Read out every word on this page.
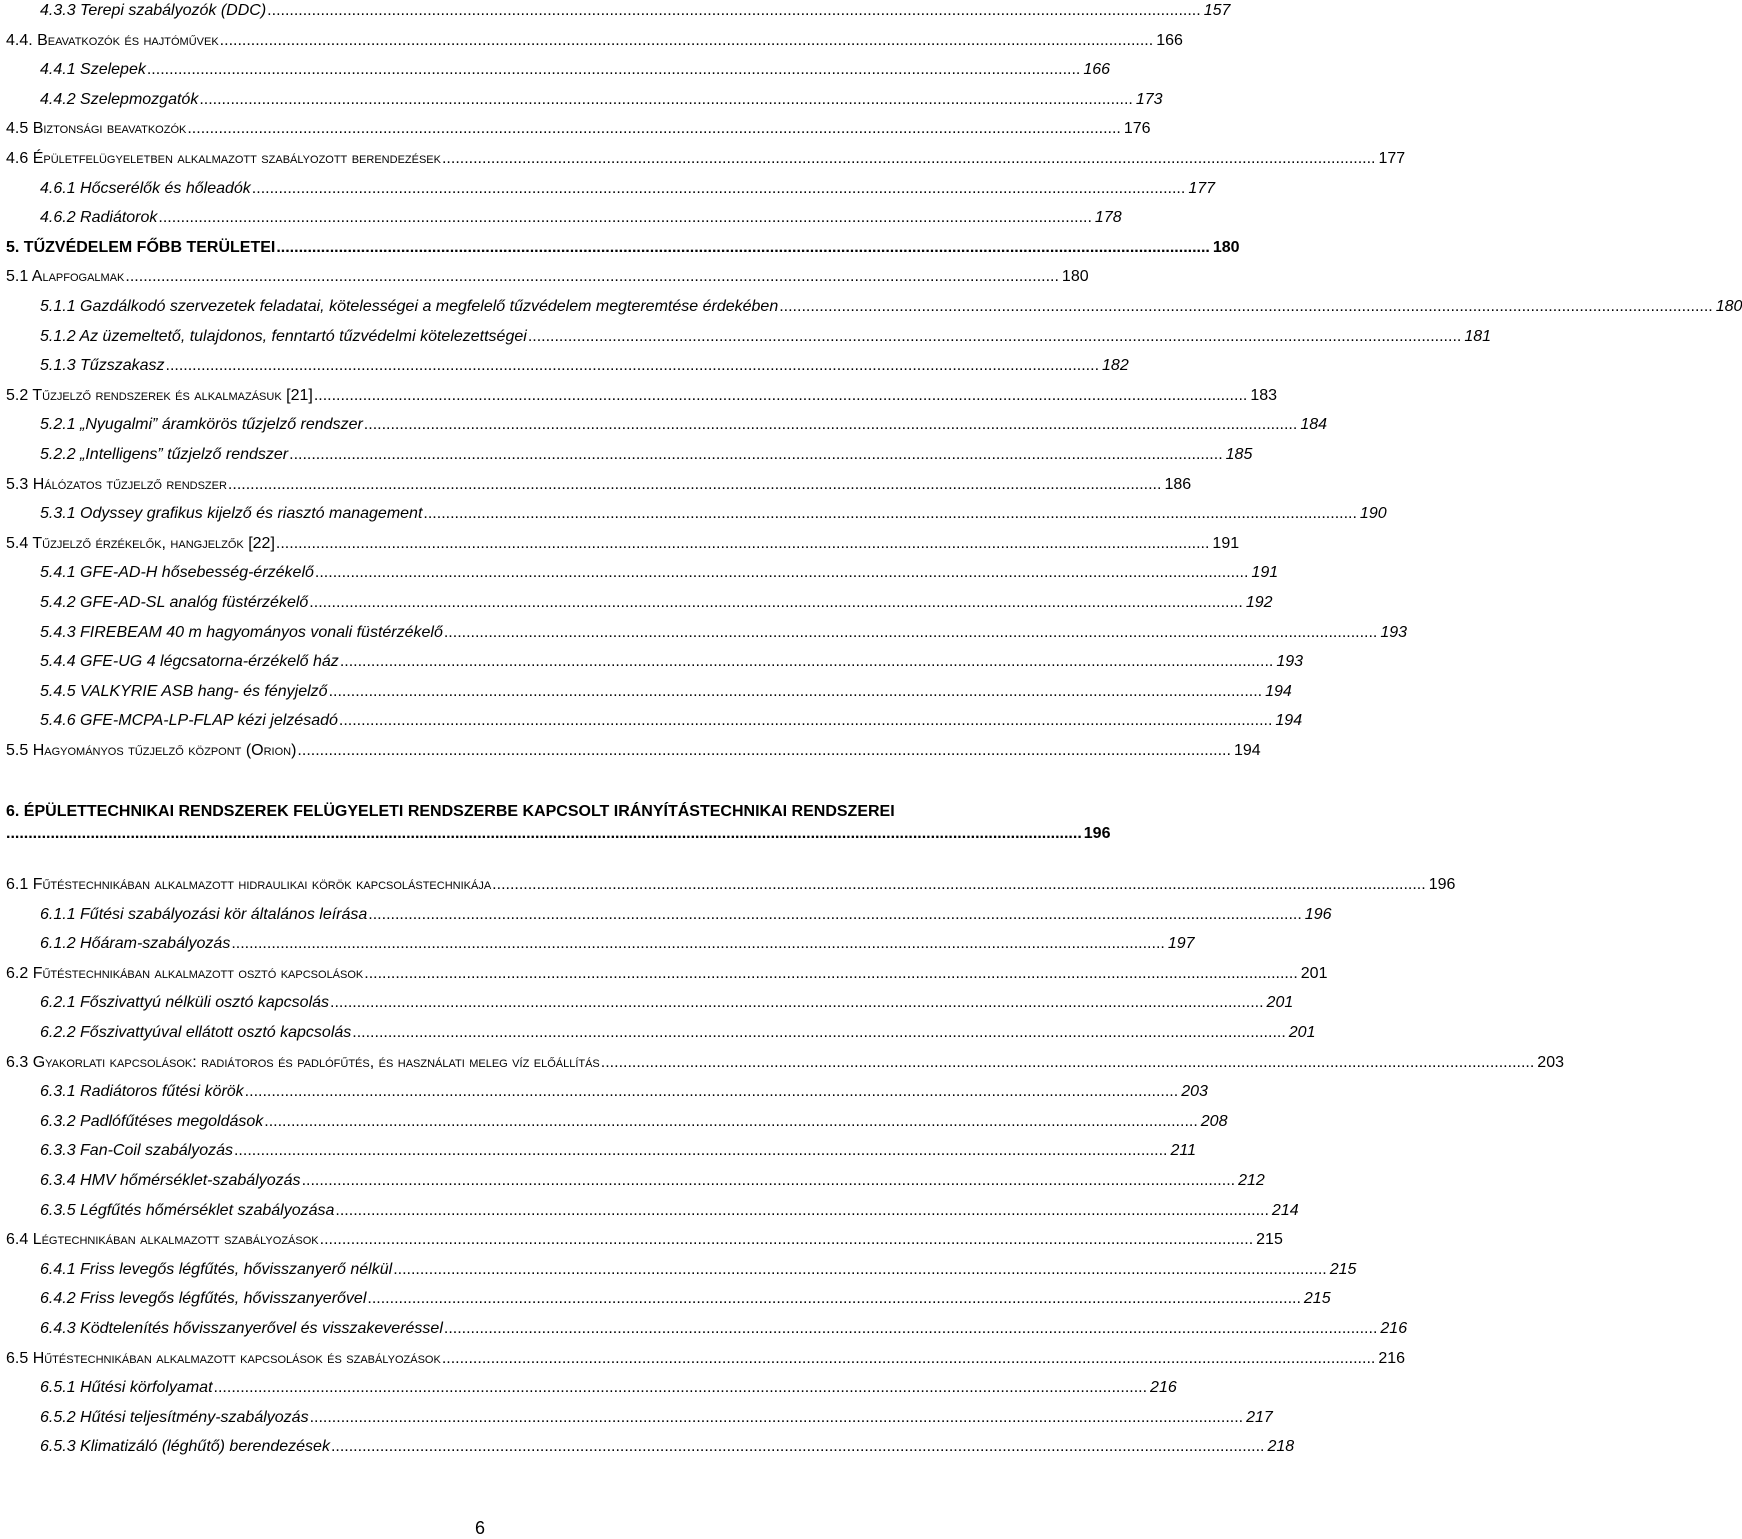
4.3.3 Terepi szabályozók (DDC) .....	157
4.4. Beavatkozók és hajtóművek .....	166
4.4.1 Szelepek .....	166
4.4.2 Szelepmozgatók .....	173
4.5 Biztonsági beavatkozók .....	176
4.6 Épületfelügyeletben alkalmazott szabályozott berendezések .....	177
4.6.1 Hőcserélők és hőleadók .....	177
4.6.2 Radiátorok .....	178
5. TŰZVÉDELEM FŐBB TERÜLETEI .....	180
5.1 Alapfogalmak .....	180
5.1.1 Gazdálkodó szervezetek feladatai, kötelességei a megfelelő tűzvédelem megteremtése érdekében .....	180
5.1.2 Az üzemeltető, tulajdonos, fenntartó tűzvédelmi kötelezettségei .....	181
5.1.3 Tűzszakasz .....	182
5.2 Tűzjelző rendszerek és alkalmazásuk [21] .....	183
5.2.1 „Nyugalmi” áramkörös tűzjelző rendszer .....	184
5.2.2 „Intelligens” tűzjelző rendszer .....	185
5.3 Hálózatos tűzjelző rendszer .....	186
5.3.1 Odyssey grafikus kijelző és riasztó management .....	190
5.4 Tűzjelző érzékelők, hangjelzők [22] .....	191
5.4.1 GFE-AD-H hősebesség-érzékelő .....	191
5.4.2 GFE-AD-SL analóg füstérzékelő .....	192
5.4.3 FIREBEAM 40 m hagyományos vonali füstérzékelő .....	193
5.4.4 GFE-UG 4 légcsatorna-érzékelő ház .....	193
5.4.5 VALKYRIE ASB hang- és fényjelző .....	194
5.4.6 GFE-MCPA-LP-FLAP kézi jelzésadó .....	194
5.5 Hagyományos tűzjelző központ (Orion) .....	194
6. ÉPÜLETTECHNIKAI RENDSZEREK FELÜGYELETI RENDSZERBE KAPCSOLT IRÁNYÍTÁSTECHNIKAI RENDSZEREI
.................................................................................................................................................................................................................................................. 196
6.1 Fűtéstechnikában alkalmazott hidraulikai körök kapcsolástechnikája .....	196
6.1.1 Fűtési szabályozási kör általános leírása .....	196
6.1.2 Hőáram-szabályozás .....	197
6.2 Fűtéstechnikában alkalmazott osztó kapcsolások .....	201
6.2.1 Főszivattyú nélküli osztó kapcsolás .....	201
6.2.2 Főszivattyúval ellátott osztó kapcsolás .....	201
6.3 Gyakorlati kapcsolások: radiátoros és padlófűtés, és használati meleg víz előállítás .....	203
6.3.1 Radiátoros fűtési körök .....	203
6.3.2 Padlófűtéses megoldások .....	208
6.3.3 Fan-Coil szabályozás .....	211
6.3.4 HMV hőmérséklet-szabályozás .....	212
6.3.5 Légfűtés hőmérséklet szabályozása .....	214
6.4 Légtechnikában alkalmazott szabályozások .....	215
6.4.1 Friss levegős légfűtés, hővisszanyerő nélkül .....	215
6.4.2 Friss levegős légfűtés, hővisszanyerővel .....	215
6.4.3 Ködtelenítés hővisszanyerővel és visszakeveréssel .....	216
6.5 Hűtéstechnikában alkalmazott kapcsolások és szabályozások .....	216
6.5.1 Hűtési körfolyamat .....	216
6.5.2 Hűtési teljesítmény-szabályozás .....	217
6.5.3 Klimatizáló (léghűtő) berendezések .....	218
6
